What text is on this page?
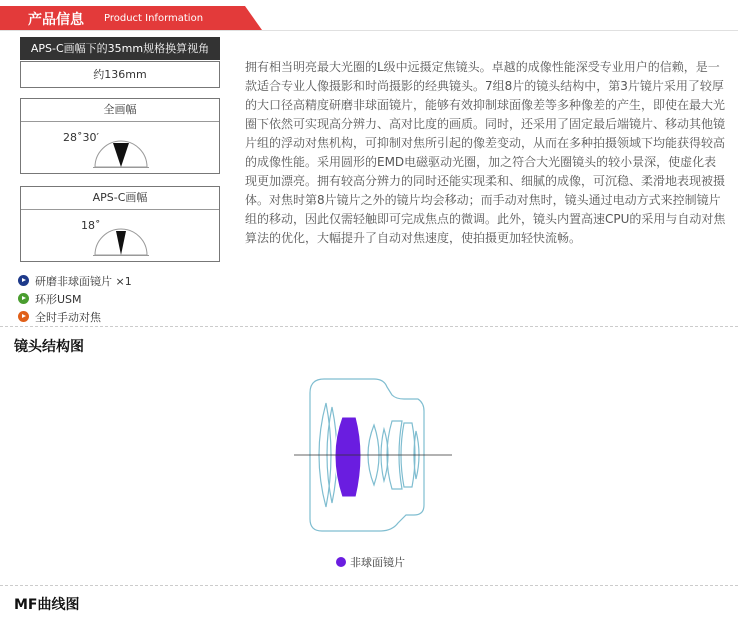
产品信息 Product Information
APS-C画幅下的35mm规格换算视角
约136mm
全画幅
28˚30′
APS-C画幅
18˚
研磨非球面镜片 ×1
环形USM
全时手动对焦

拥有相当明亮最大光圈的L级中远摄定焦镜头。卓越的成像性能深受专业用户的信赖，是一款适合专业人像摄影和时尚摄影的经典镜头。7组8片的镜头结构中，第3片镜片采用了较厚的大口径高精度研磨非球面镜片，能够有效抑制球面像差等多种像差的产生，即使在最大光圈下依然可实现高分辨力、高对比度的画质。同时，还采用了固定最后端镜片、移动其他镜片组的浮动对焦机构，可抑制对焦所引起的像差变动，从而在多种拍摄领域下均能获得较高的成像性能。采用圆形的EMD电磁驱动光圈，加之符合大光圈镜头的较小景深，使虚化表现更加漂亮。拥有较高分辨力的同时还能实现柔和、细腻的成像，可沉稳、柔滑地表现被摄体。对焦时第8片镜片之外的镜片均会移动；而手动对焦时，镜头通过电动方式来控制镜片组的移动，因此仅需轻触即可完成焦点的微调。此外，镜头内置高速CPU的采用与自动对焦算法的优化，大幅提升了自动对焦速度，使拍摄更加轻快流畅。

镜头结构图
非球面镜片
MF曲线图
